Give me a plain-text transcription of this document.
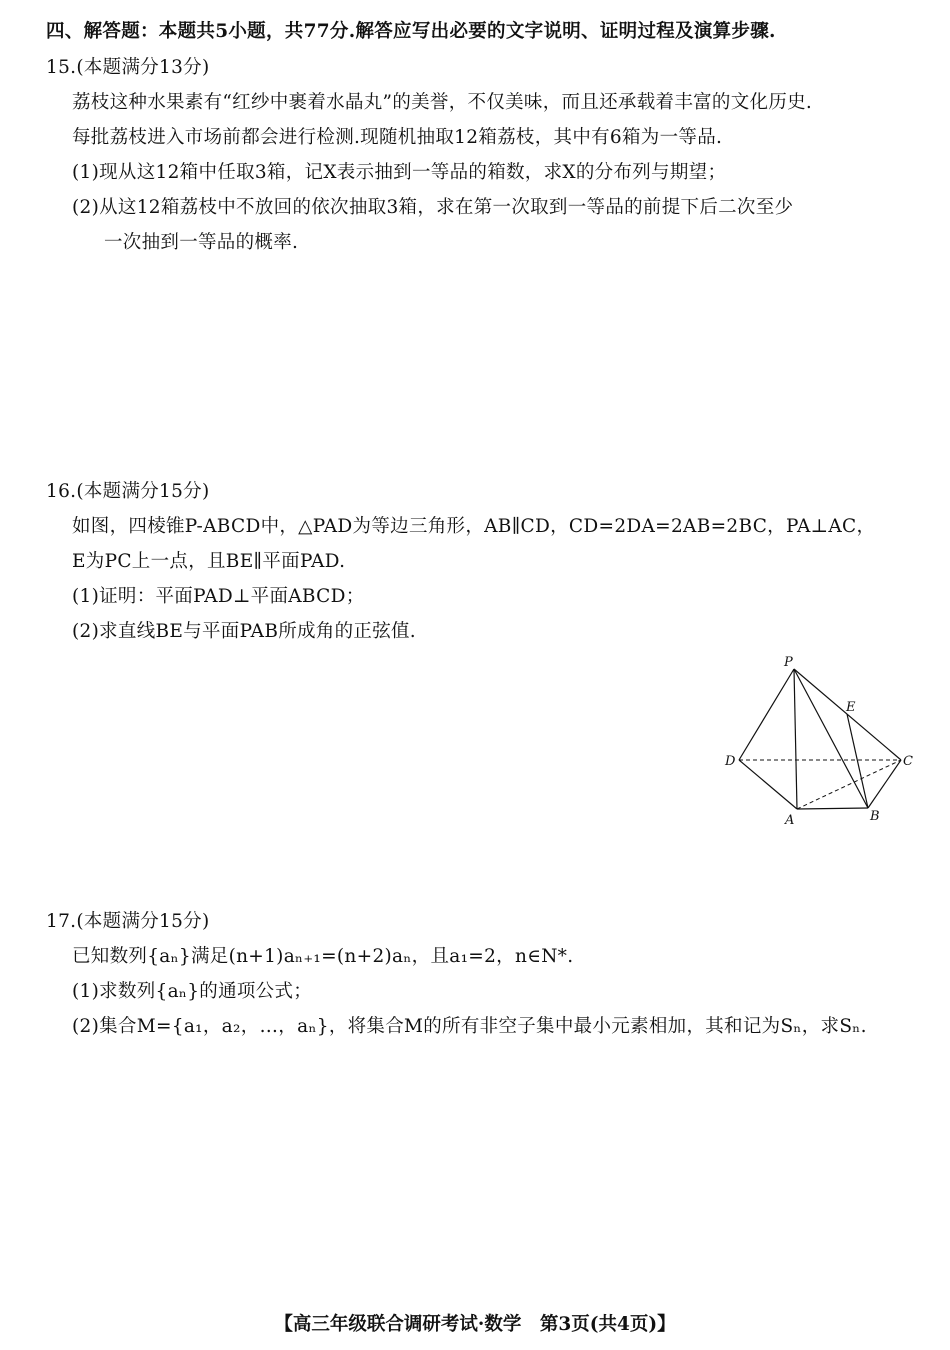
四、解答题：本题共5小题，共77分.解答应写出必要的文字说明、证明过程及演算步骤.
15.(本题满分13分)
荔枝这种水果素有“红纱中裹着水晶丸”的美誉，不仅美味，而且还承载着丰富的文化历史.
每批荔枝进入市场前都会进行检测.现随机抽取12箱荔枝，其中有6箱为一等品.
(1)现从这12箱中任取3箱，记X表示抽到一等品的箱数，求X的分布列与期望；
(2)从这12箱荔枝中不放回的依次抽取3箱，求在第一次取到一等品的前提下后二次至少
一次抽到一等品的概率.
16.(本题满分15分)
如图，四棱锥P-ABCD中，△PAD为等边三角形，AB∥CD，CD=2DA=2AB=2BC，PA⊥AC，
E为PC上一点，且BE∥平面PAD.
(1)证明：平面PAD⊥平面ABCD；
(2)求直线BE与平面PAB所成角的正弦值.
P
E
D	C
A	B
17.(本题满分15分)
已知数列{aₙ}满足(n+1)aₙ₊₁=(n+2)aₙ，且a₁=2，n∈N*.
(1)求数列{aₙ}的通项公式；
(2)集合M={a₁，a₂，…，aₙ}，将集合M的所有非空子集中最小元素相加，其和记为Sₙ，求Sₙ.
【高三年级联合调研考试·数学　第3页(共4页)】
